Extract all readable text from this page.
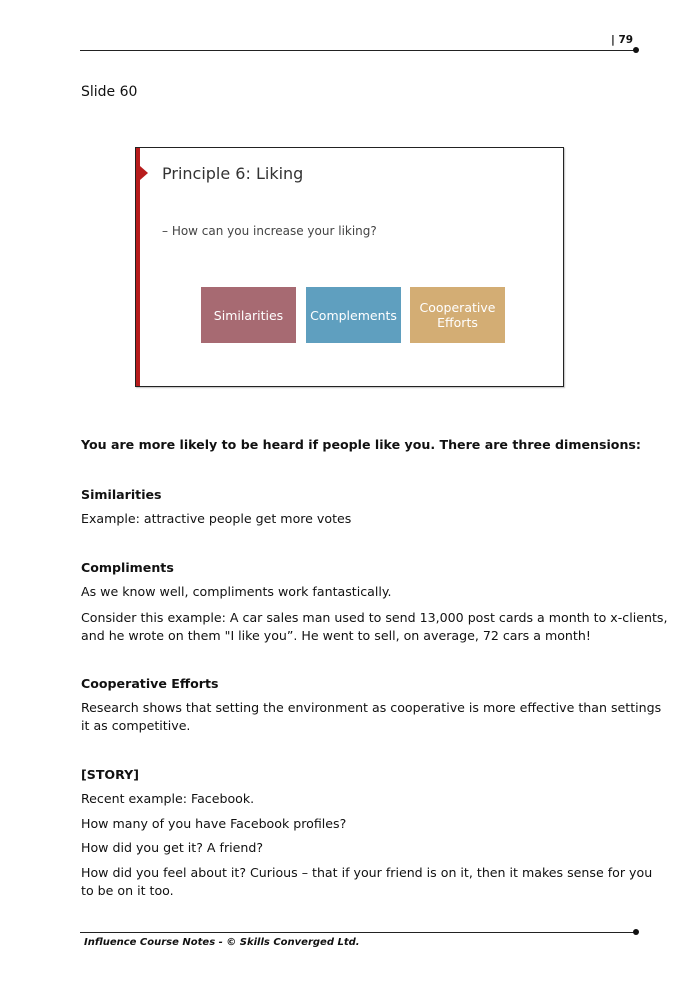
| 79
Slide 60
Principle 6: Liking
– How can you increase your liking?
Similarities	Complements	Cooperative Efforts
You are more likely to be heard if people like you. There are three dimensions:
Similarities
Example: attractive people get more votes
Compliments
As we know well, compliments work fantastically.
Consider this example: A car sales man used to send 13,000 post cards a month to x-clients,
and he wrote on them "I like you”. He went to sell, on average, 72 cars a month!
Cooperative Efforts
Research shows that setting the environment as cooperative is more effective than settings
it as competitive.
[STORY]
Recent example: Facebook.
How many of you have Facebook profiles?
How did you get it? A friend?
How did you feel about it? Curious – that if your friend is on it, then it makes sense for you
to be on it too.
Influence Course Notes - © Skills Converged Ltd.
